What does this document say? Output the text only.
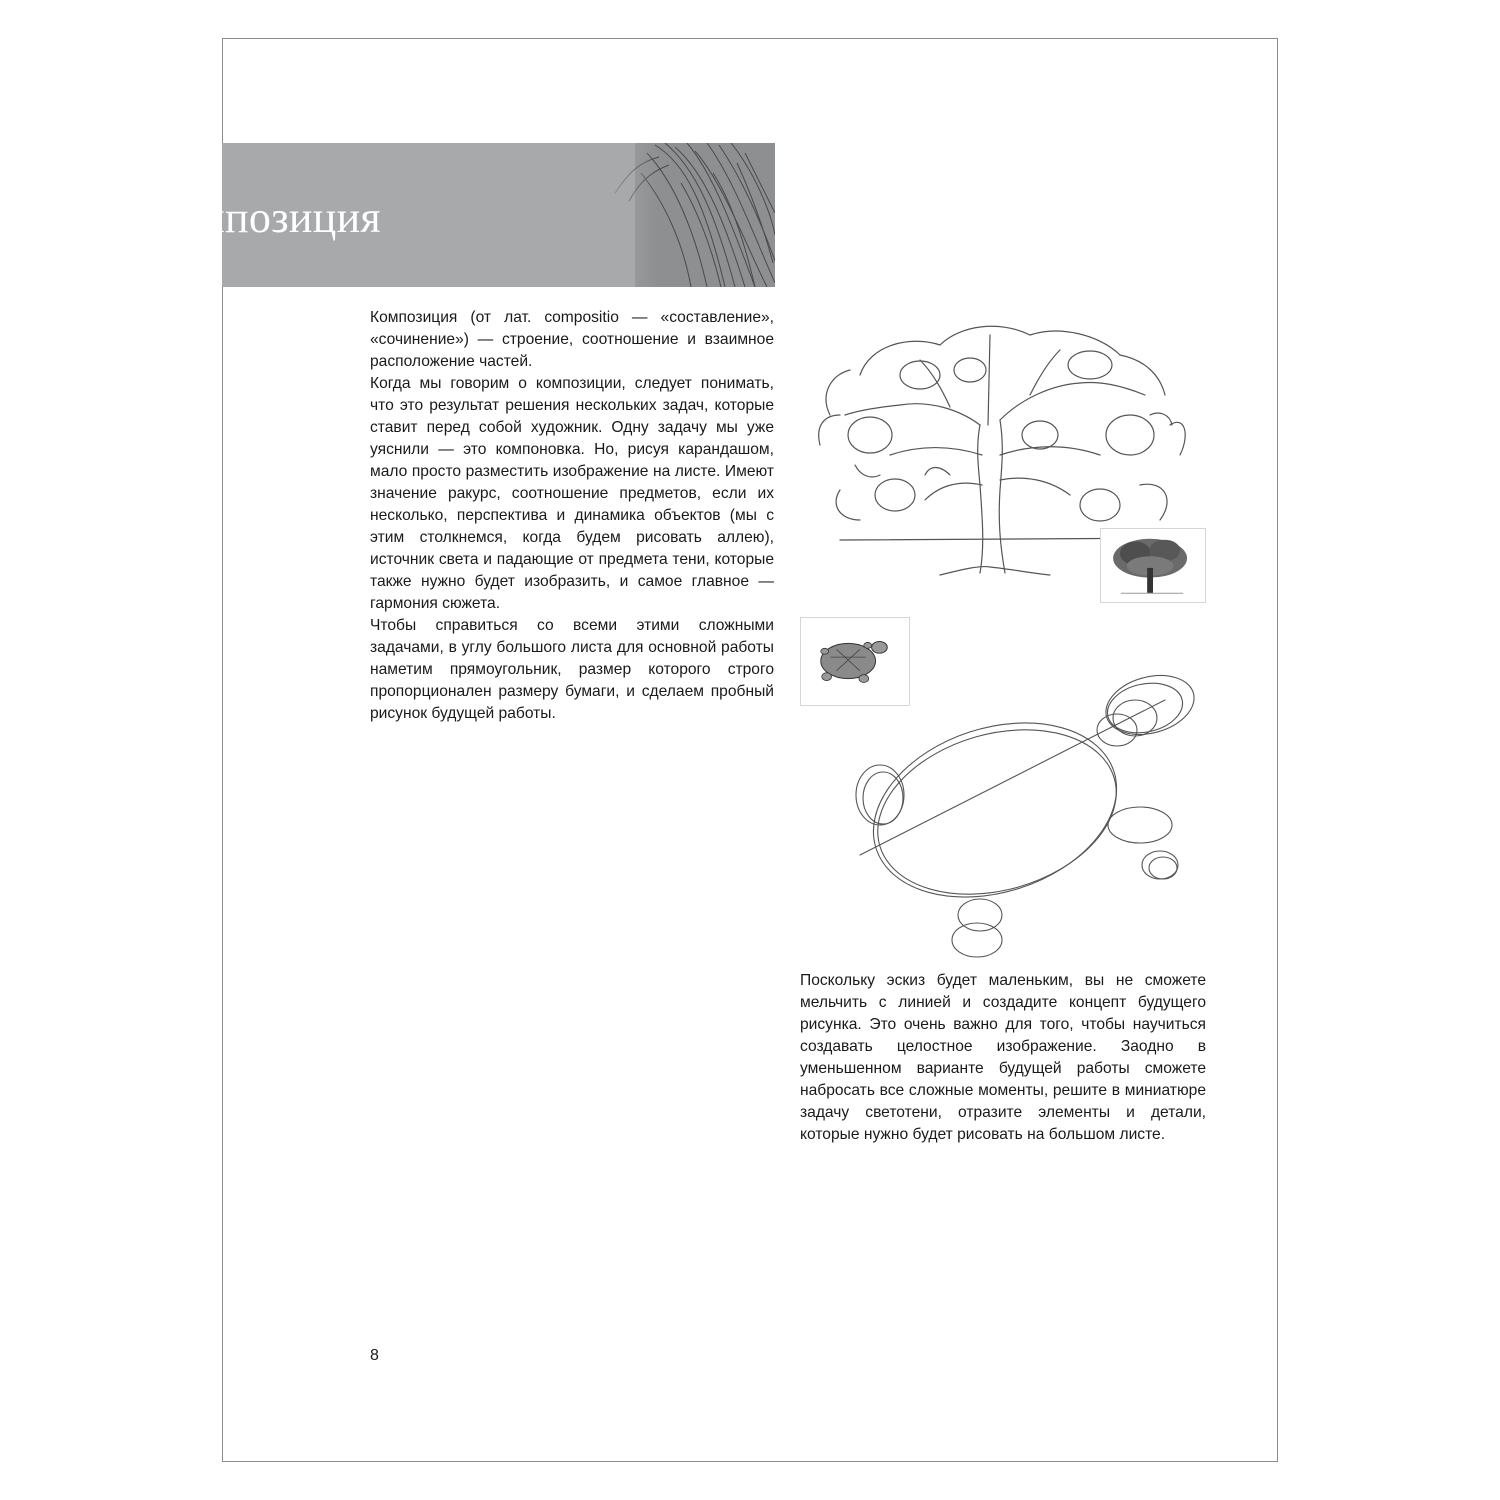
Композиция

Композиция (от лат. compositio — «составление», «сочинение») — строение, соотношение и взаимное расположение частей.

Когда мы говорим о композиции, следует понимать, что это результат решения нескольких задач, которые ставит перед собой художник. Одну задачу мы уже уяснили — это компоновка. Но, рисуя карандашом, мало просто разместить изображение на листе. Имеют значение ракурс, соотношение предметов, если их несколько, перспектива и динамика объектов (мы с этим столкнемся, когда будем рисовать аллею), источник света и падающие от предмета тени, которые также нужно будет изобразить, и самое главное — гармония сюжета.

Чтобы справиться со всеми этими сложными задачами, в углу большого листа для основной работы наметим прямоугольник, размер которого строго пропорционален размеру бумаги, и сделаем пробный рисунок будущей работы.

Поскольку эскиз будет маленьким, вы не сможете мельчить с линией и создадите концепт будущего рисунка. Это очень важно для того, чтобы научиться создавать целостное изображение. Заодно в уменьшенном варианте будущей работы сможете набросать все сложные моменты, решите в миниатюре задачу светотени, отразите элементы и детали, которые нужно будет рисовать на большом листе.

8
